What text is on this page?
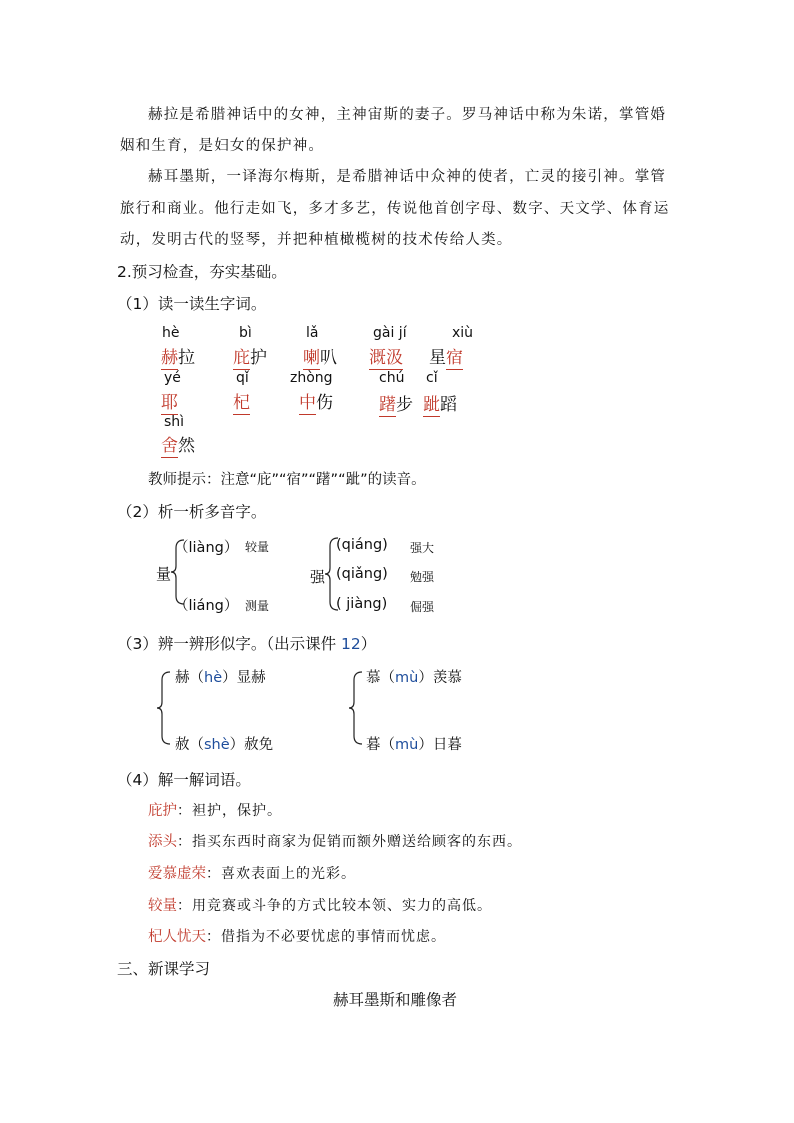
赫拉是希腊神话中的女神，主神宙斯的妻子。罗马神话中称为朱诺，掌管婚
姻和生育，是妇女的保护神。
赫耳墨斯，一译海尔梅斯，是希腊神话中众神的使者，亡灵的接引神。掌管
旅行和商业。他行走如飞，多才多艺，传说他首创字母、数字、天文学、体育运
动，发明古代的竖琴，并把种植橄榄树的技术传给人类。
2.预习检查，夯实基础。
（1）读一读生字词。
hè
赫拉
bì
庇护
lǎ
喇叭
gài jí
溉汲
xiù
星宿
yé
耶
qǐ
杞
zhòng
中伤
chú
躇步
cǐ
跐蹈
shì
舍然
教师提示：注意“庇”“宿”“躇”“跐”的读音。
（2）析一析多音字。
量
（liàng） 较量
（liáng） 测量
强
(qiáng) 强大
(qiǎng) 勉强
( jiàng) 倔强
（3）辨一辨形似字。（出示课件 12）
赫（hè）显赫
赦（shè）赦免
慕（mù）羡慕
暮（mù）日暮
（4）解一解词语。
庇护：袒护，保护。
添头：指买东西时商家为促销而额外赠送给顾客的东西。
爱慕虚荣：喜欢表面上的光彩。
较量：用竞赛或斗争的方式比较本领、实力的高低。
杞人忧天：借指为不必要忧虑的事情而忧虑。
三、新课学习
赫耳墨斯和雕像者
